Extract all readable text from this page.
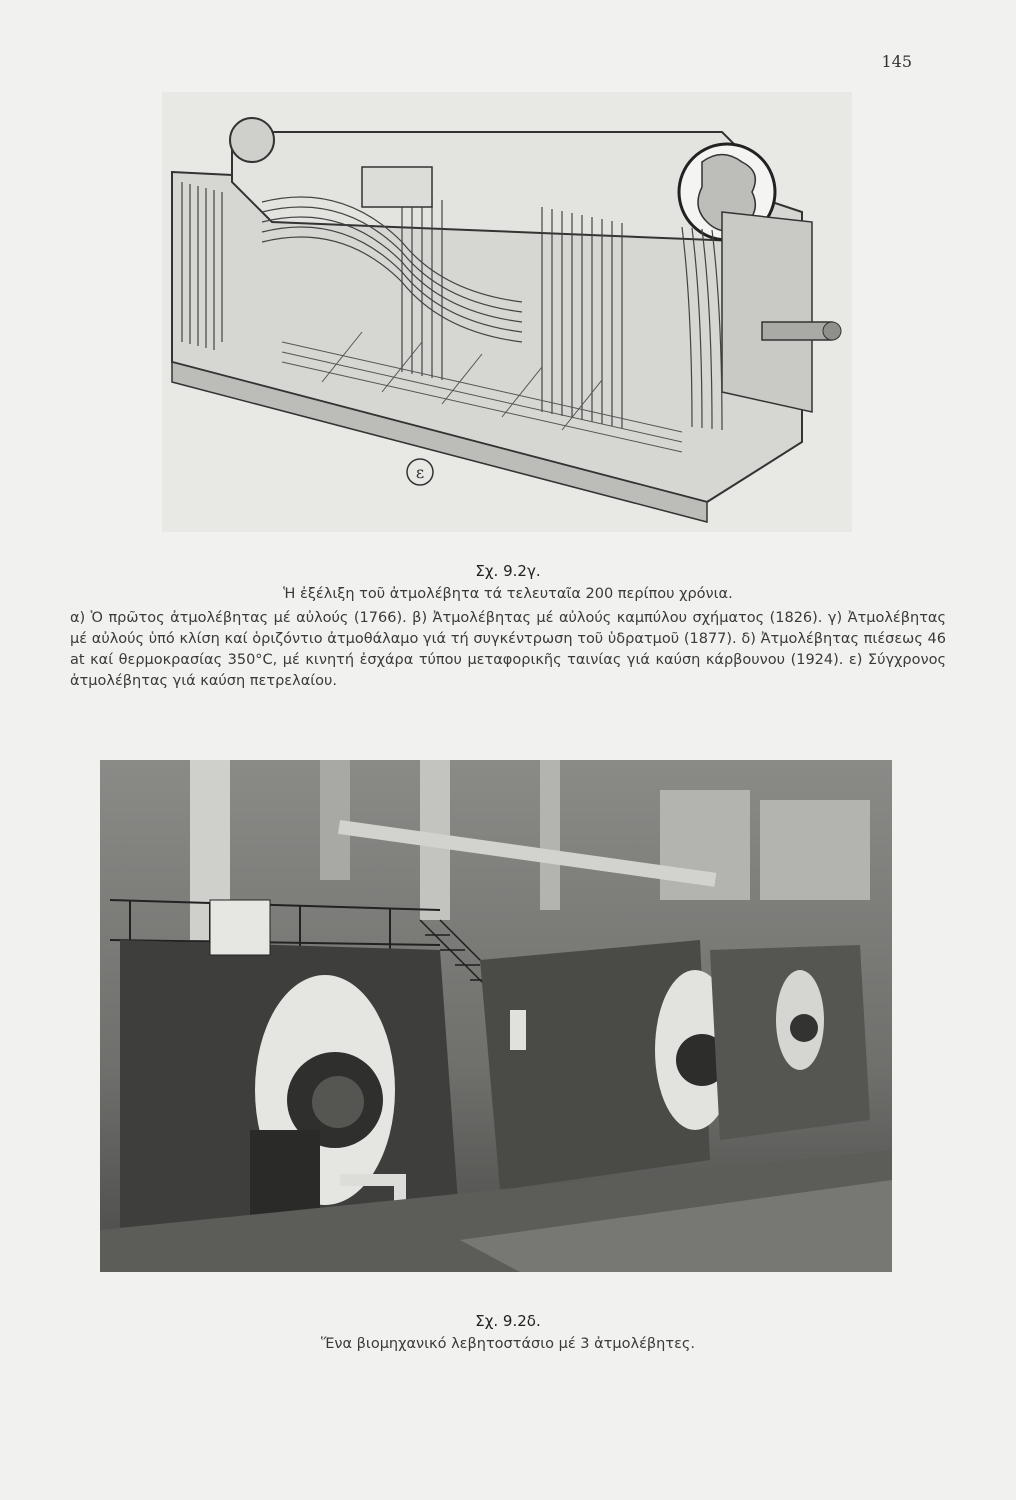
145
ε
Σχ. 9.2γ.
Ἡ ἐξέλιξη τοῦ ἀτμολέβητα τά τελευταῖα 200 περίπου χρόνια.
α) Ὁ πρῶτος ἀτμολέβητας μέ αὐλούς (1766). β) Ἀτμολέβητας μέ αὐλούς καμπύλου σχήματος (1826). γ) Ἀτμολέβητας μέ αὐλούς ὑπό κλίση καί ὁριζόντιο ἀτμοθάλαμο γιά τή συγκέντρωση τοῦ ὑδρατμοῦ (1877). δ) Ἀτμολέβητας πιέσεως 46 at καί θερμοκρασίας 350°C, μέ κινητή ἐσχάρα τύπου μεταφορικῆς ταινίας γιά καύση κάρβουνου (1924). ε) Σύγχρονος ἀτμολέβητας γιά καύση πετρελαίου.
Σχ. 9.2δ.
Ἕνα βιομηχανικό λεβητοστάσιο μέ 3 ἀτμολέβητες.
